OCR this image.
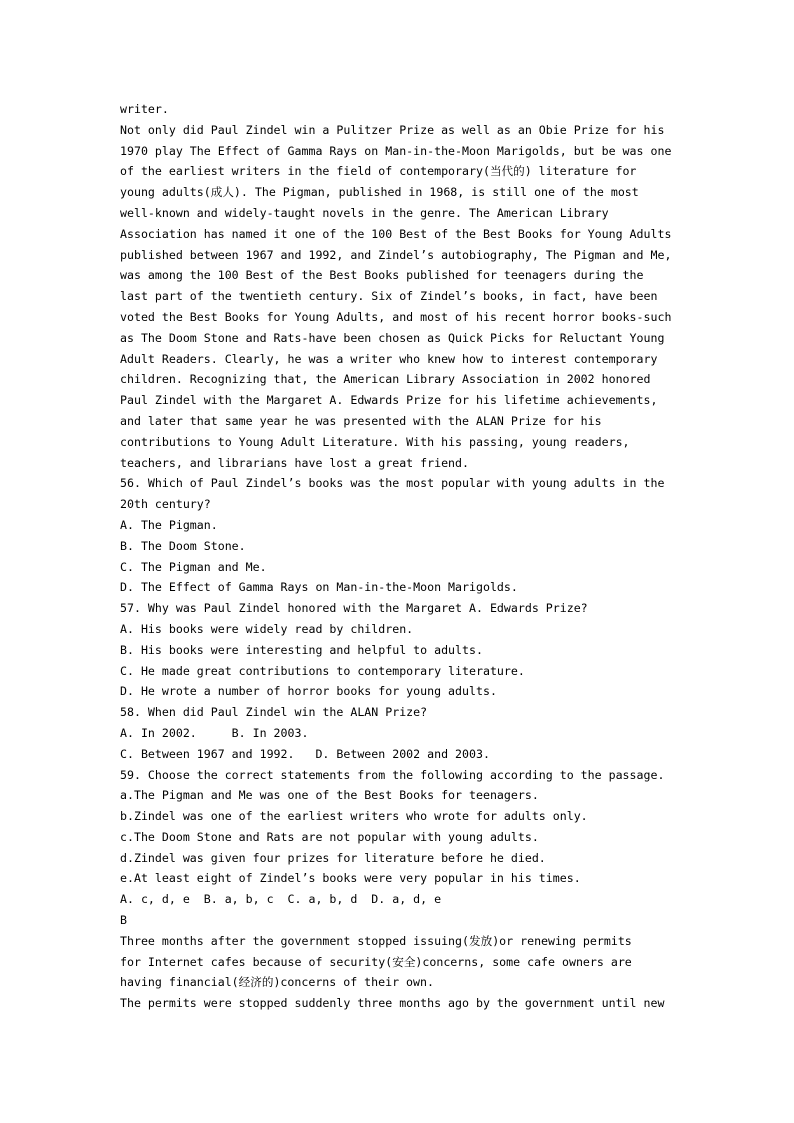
writer.
Not only did Paul Zindel win a Pulitzer Prize as well as an Obie Prize for his
1970 play The Effect of Gamma Rays on Man-in-the-Moon Marigolds, but be was one
of the earliest writers in the field of contemporary(当代的) literature for
young adults(成人). The Pigman, published in 1968, is still one of the most
well-known and widely-taught novels in the genre. The American Library
Association has named it one of the 100 Best of the Best Books for Young Adults
published between 1967 and 1992, and Zindel’s autobiography, The Pigman and Me,
was among the 100 Best of the Best Books published for teenagers during the
last part of the twentieth century. Six of Zindel’s books, in fact, have been
voted the Best Books for Young Adults, and most of his recent horror books-such
as The Doom Stone and Rats-have been chosen as Quick Picks for Reluctant Young
Adult Readers. Clearly, he was a writer who knew how to interest contemporary
children. Recognizing that, the American Library Association in 2002 honored
Paul Zindel with the Margaret A. Edwards Prize for his lifetime achievements,
and later that same year he was presented with the ALAN Prize for his
contributions to Young Adult Literature. With his passing, young readers,
teachers, and librarians have lost a great friend.
56. Which of Paul Zindel’s books was the most popular with young adults in the
20th century?
A. The Pigman.
B. The Doom Stone.
C. The Pigman and Me.
D. The Effect of Gamma Rays on Man-in-the-Moon Marigolds.
57. Why was Paul Zindel honored with the Margaret A. Edwards Prize?
A. His books were widely read by children.
B. His books were interesting and helpful to adults.
C. He made great contributions to contemporary literature.
D. He wrote a number of horror books for young adults.
58. When did Paul Zindel win the ALAN Prize?
A. In 2002.     B. In 2003.
C. Between 1967 and 1992.   D. Between 2002 and 2003.
59. Choose the correct statements from the following according to the passage.
a.The Pigman and Me was one of the Best Books for teenagers.
b.Zindel was one of the earliest writers who wrote for adults only.
c.The Doom Stone and Rats are not popular with young adults.
d.Zindel was given four prizes for literature before he died.
e.At least eight of Zindel’s books were very popular in his times.
A. c, d, e  B. a, b, c  C. a, b, d  D. a, d, e
B
Three months after the government stopped issuing(发放)or renewing permits
for Internet cafes because of security(安全)concerns, some cafe owners are
having financial(经济的)concerns of their own.
The permits were stopped suddenly three months ago by the government until new
